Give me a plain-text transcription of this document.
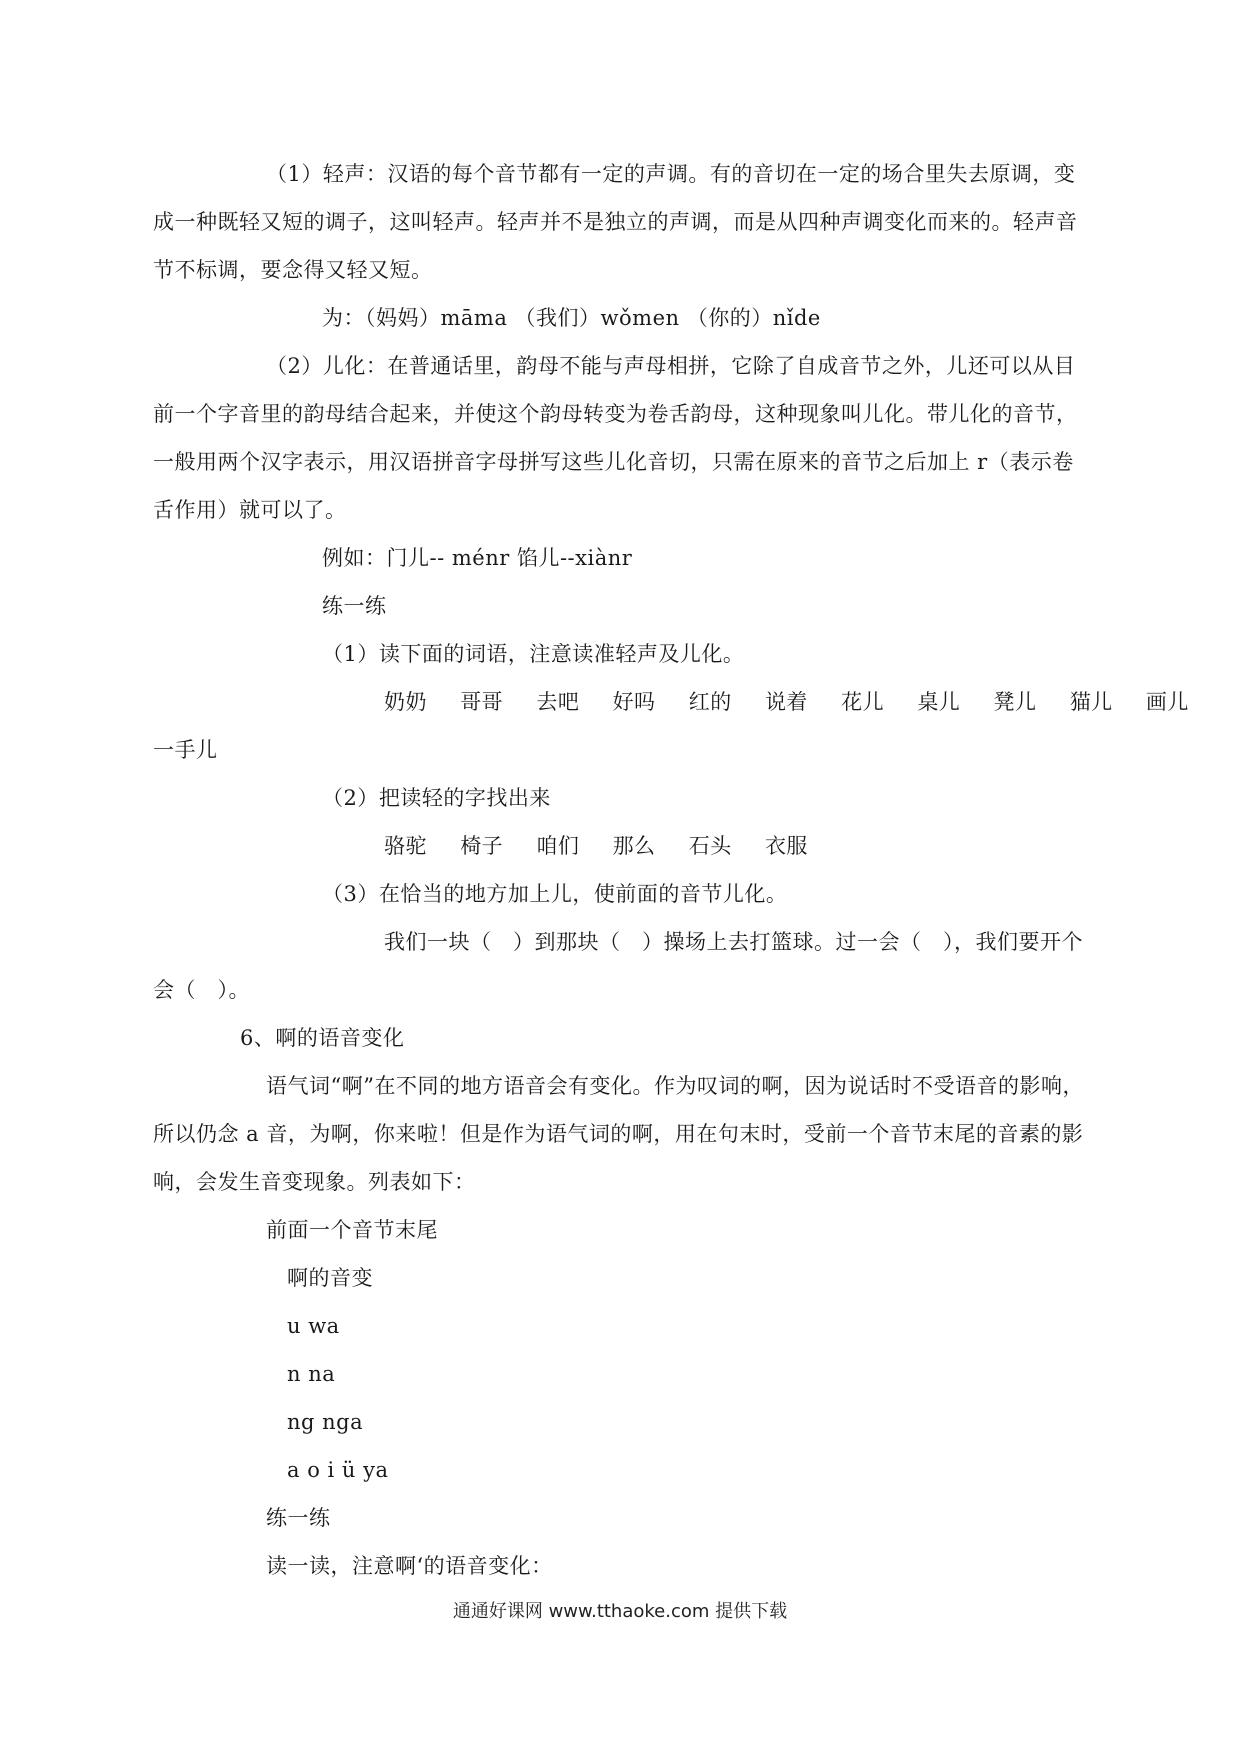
（1）轻声：汉语的每个音节都有一定的声调。有的音切在一定的场合里失去原调，变
成一种既轻又短的调子，这叫轻声。轻声并不是独立的声调，而是从四种声调变化而来的。轻声音
节不标调，要念得又轻又短。
为：（妈妈）māma （我们）wǒmen （你的）nǐde
（2）儿化：在普通话里，韵母不能与声母相拼，它除了自成音节之外，儿还可以从目
前一个字音里的韵母结合起来，并使这个韵母转变为卷舌韵母，这种现象叫儿化。带儿化的音节，
一般用两个汉字表示，用汉语拼音字母拼写这些儿化音切，只需在原来的音节之后加上 r（表示卷
舌作用）就可以了。
例如：门儿-- ménr 馅儿--xiànr
练一练
（1）读下面的词语，注意读准轻声及儿化。
奶奶 哥哥 去吧 好吗 红的 说着 花儿 桌儿 凳儿 猫儿 画儿
一手儿
（2）把读轻的字找出来
骆驼 椅子 咱们 那么 石头 衣服
（3）在恰当的地方加上儿，使前面的音节儿化。
我们一块（　）到那块（　）操场上去打篮球。过一会（　），我们要开个
会（　）。
6、啊的语音变化
语气词“啊”在不同的地方语音会有变化。作为叹词的啊，因为说话时不受语音的影响，
所以仍念 a 音，为啊，你来啦！但是作为语气词的啊，用在句末时，受前一个音节末尾的音素的影
响，会发生音变现象。列表如下：
前面一个音节末尾
啊的音变
u wa
n na
ng nga
a o i ü ya
练一练
读一读，注意啊‘的语音变化：
通通好课网 www.tthaoke.com 提供下载
